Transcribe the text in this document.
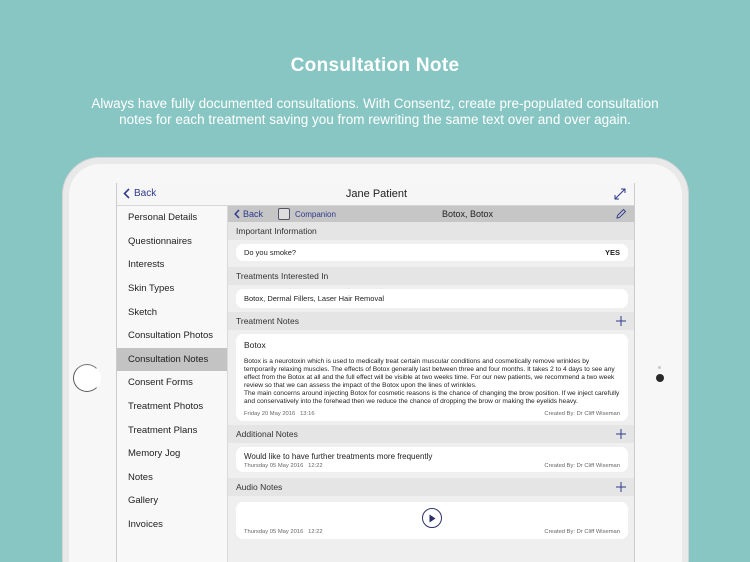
Consultation Note
Always have fully documented consultations. With Consentz, create pre-populated consultation notes for each treatment saving you from rewriting the same text over and over again.
Back	Jane Patient
Personal Details
Questionnaires
Interests
Skin Types
Sketch
Consultation Photos
Consultation Notes
Consent Forms
Treatment Photos
Treatment Plans
Memory Jog
Notes
Gallery
Invoices
Back	Companion	Botox, Botox
Important Information
Do you smoke?	YES
Treatments Interested In
Botox, Dermal Fillers, Laser Hair Removal
Treatment Notes
Botox
Botox is a neurotoxin which is used to medically treat certain muscular conditions and cosmetically remove wrinkles by temporarily relaxing muscles. The effects of Botox generally last between three and four months. It takes 2 to 4 days to see any effect from the Botox at all and the full effect will be visible at two weeks time. For our new patients, we recommend a two week review so that we can assess the impact of the Botox upon the lines of wrinkles.
The main concerns around injecting Botox for cosmetic reasons is the chance of changing the brow position. If we inject carefully and conservatively into the forehead then we reduce the chance of dropping the brow or making the eyelids heavy.
Friday 20 May 2016   13:16	Created By: Dr Cliff Wiseman
Additional Notes
Would like to have further treatments more frequently
Thursday 05 May 2016   12:22	Created By: Dr Cliff Wiseman
Audio Notes
Thursday 05 May 2016   12:22	Created By: Dr Cliff Wiseman
